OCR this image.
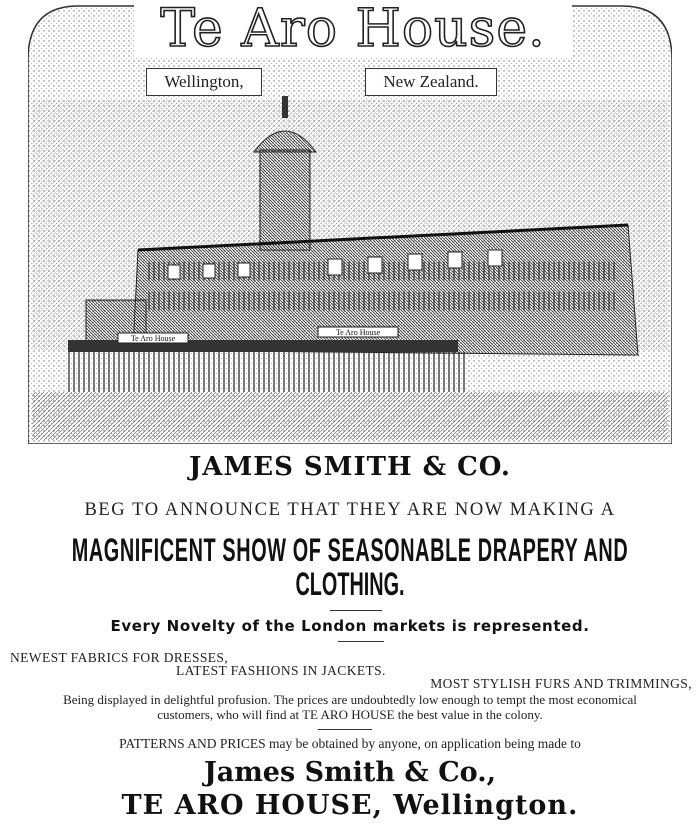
Te Aro House
Te Aro House
Te Aro House.
Wellington,	New Zealand.
JAMES SMITH & CO.
BEG TO ANNOUNCE THAT THEY ARE NOW MAKING A
MAGNIFICENT SHOW OF SEASONABLE DRAPERY AND
CLOTHING.
Every Novelty of the London markets is represented.
NEWEST FABRICS FOR DRESSES,
LATEST FASHIONS IN JACKETS.
MOST STYLISH FURS AND TRIMMINGS,
Being displayed in delightful profusion. The prices are undoubtedly low enough to tempt the most economical
customers, who will find at TE ARO HOUSE the best value in the colony.
PATTERNS AND PRICES may be obtained by anyone, on application being made to
James Smith & Co.,
TE ARO HOUSE, Wellington.
